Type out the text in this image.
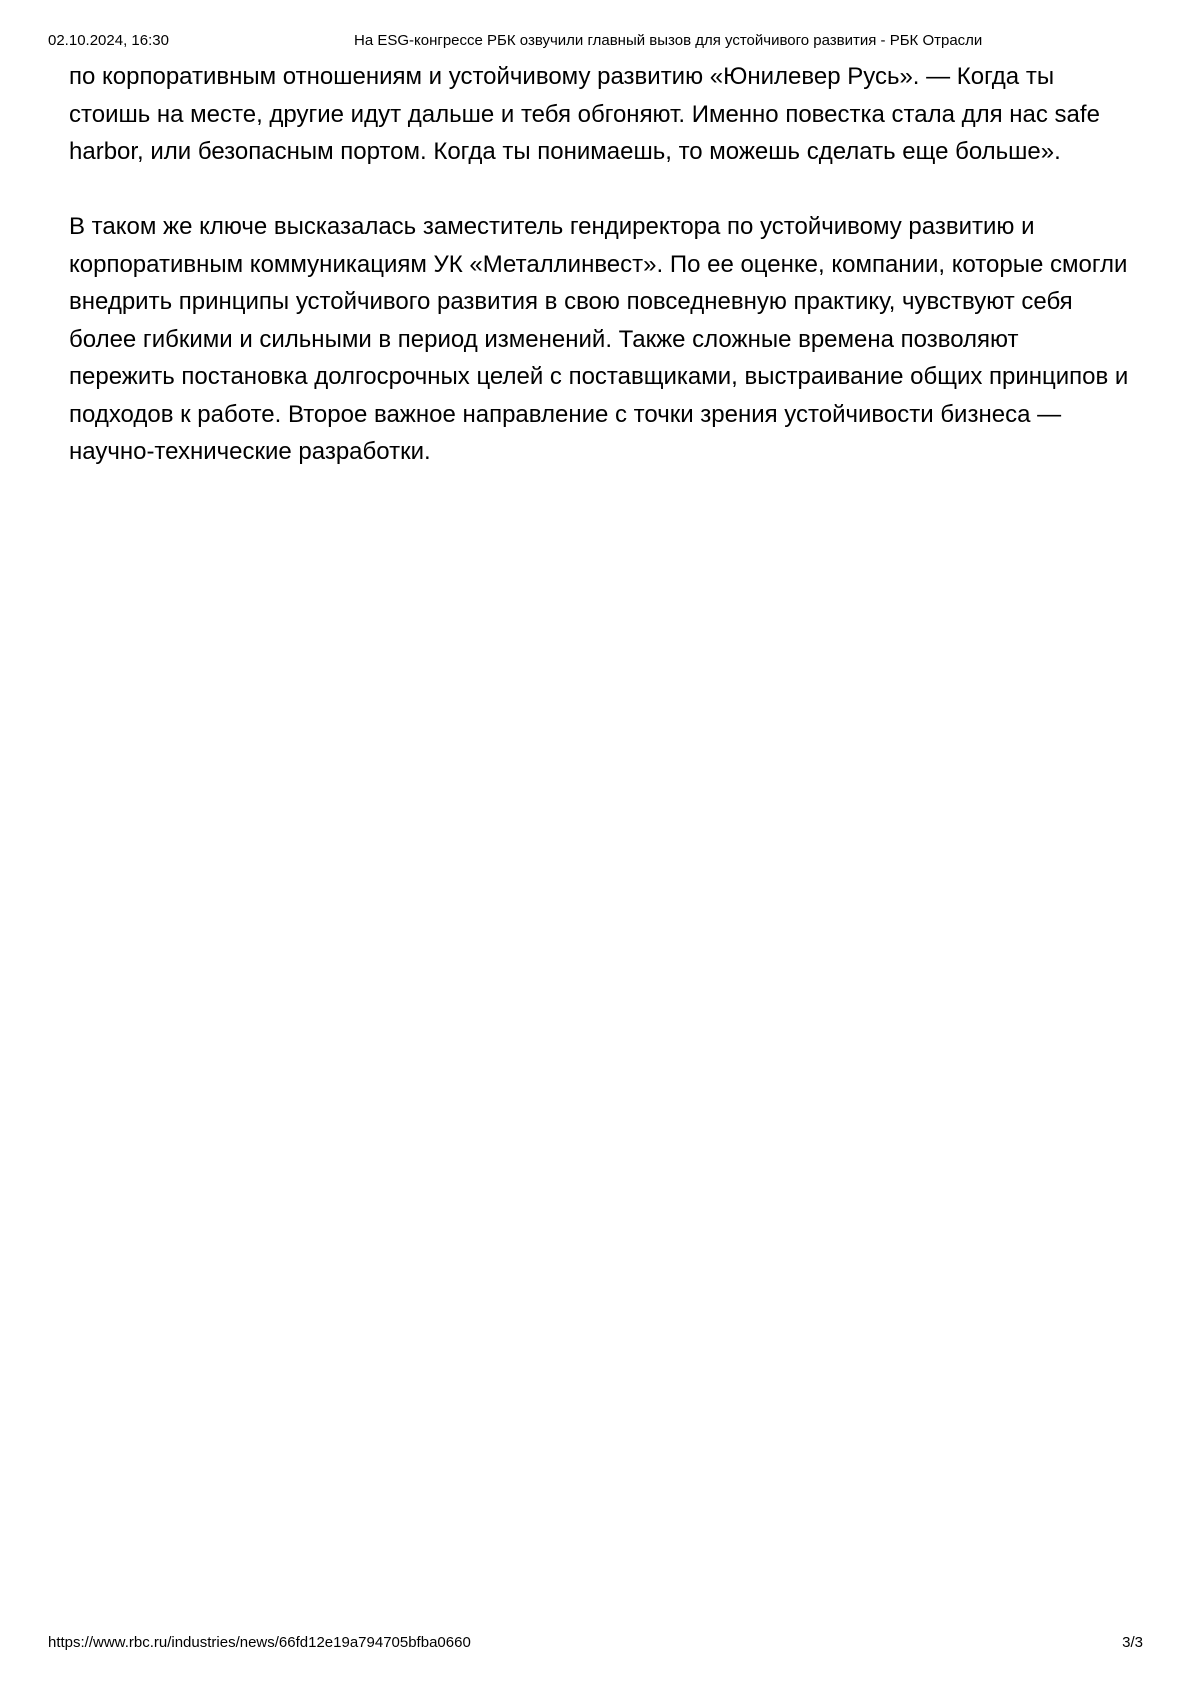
02.10.2024, 16:30	На ESG-конгрессе РБК озвучили главный вызов для устойчивого развития - РБК Отрасли

по корпоративным отношениям и устойчивому развитию «Юнилевер Русь». — Когда ты стоишь на месте, другие идут дальше и тебя обгоняют. Именно повестка стала для нас safe harbor, или безопасным портом. Когда ты понимаешь, то можешь сделать еще больше».

В таком же ключе высказалась заместитель гендиректора по устойчивому развитию и корпоративным коммуникациям УК «Металлинвест». По ее оценке, компании, которые смогли внедрить принципы устойчивого развития в свою повседневную практику, чувствуют себя более гибкими и сильными в период изменений. Также сложные времена позволяют пережить постановка долгосрочных целей с поставщиками, выстраивание общих принципов и подходов к работе. Второе важное направление с точки зрения устойчивости бизнеса — научно-технические разработки.

https://www.rbc.ru/industries/news/66fd12e19a794705bfba0660	3/3
